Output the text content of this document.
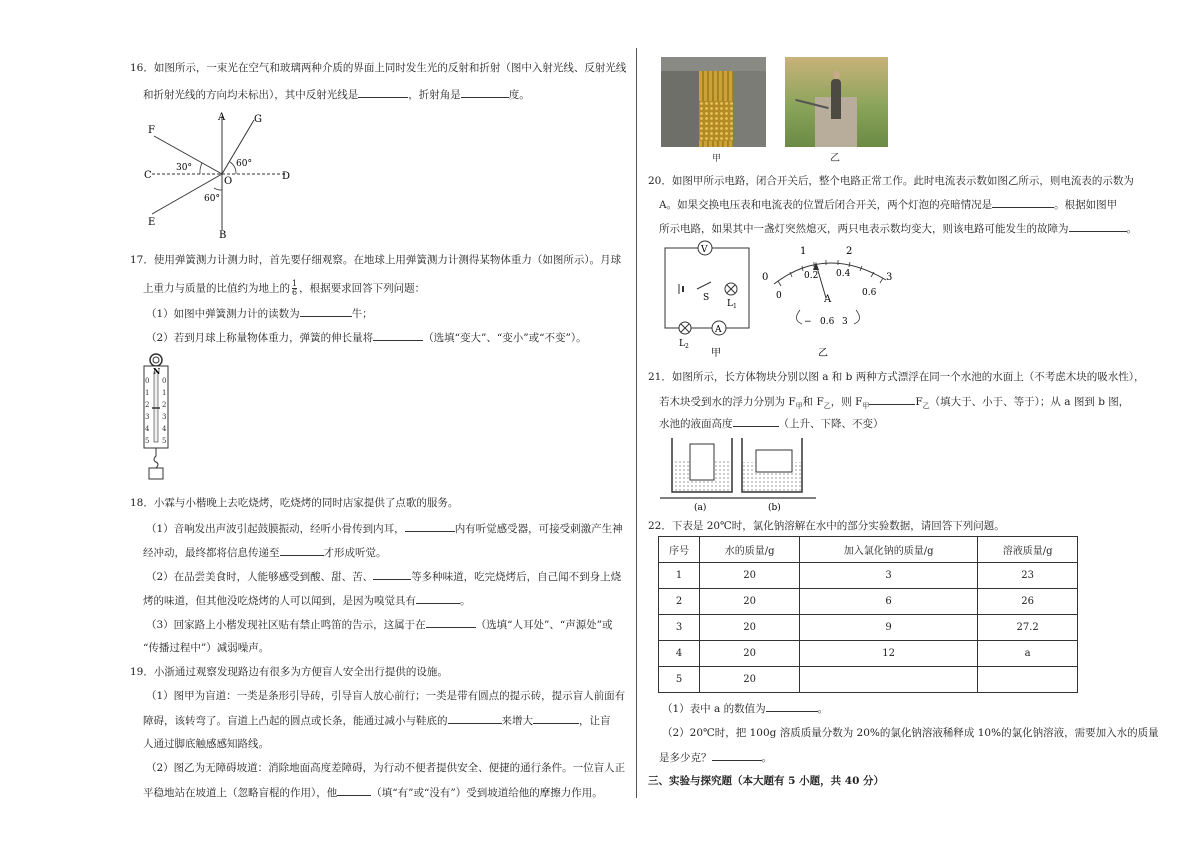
16．如图所示，一束光在空气和玻璃两种介质的界面上同时发生光的反射和折射（图中入射光线、反射光线
和折射光线的方向均未标出），其中反射光线是	，折射角是	度。
F
A	G
C
O	D
E
B
30°	60°
60°
17．使用弹簧测力计测力时，首先要仔细观察。在地球上用弹簧测力计测得某物体重力（如图所示）。月球
上重力与质量的比值约为地上的 $\frac{1}{6}$ ，根据要求回答下列问题：
（1）如图中弹簧测力计的读数为	牛；
（2）若到月球上称量物体重力，弹簧的伸长量将	（选填“变大”、“变小”或“不变”）。
N
0 0
1 1
2 2
3 3
4 4
5 5
18．小霖与小楷晚上去吃烧烤，吃烧烤的同时店家提供了点歌的服务。
（1）音响发出声波引起鼓膜振动，经听小骨传到内耳，	内有听觉感受器，可接受刺激产生神
经冲动，最终都将信息传递至	才形成听觉。
（2）在品尝美食时，人能够感受到酸、甜、苦、	等多种味道，吃完烧烤后，自己闻不到身上烧
烤的味道，但其他没吃烧烤的人可以闻到，是因为嗅觉具有	。
（3）回家路上小楷发现社区贴有禁止鸣笛的告示，这属于在	（选填“人耳处”、“声源处”或
“传播过程中”）减弱噪声。
19．小浙通过观察发现路边有很多为方便盲人安全出行提供的设施。
（1）图甲为盲道：一类是条形引导砖，引导盲人放心前行；一类是带有圆点的提示砖，提示盲人前面有
障碍，该转弯了。盲道上凸起的圆点或长条，能通过减小与鞋底的	来增大	，让盲
人通过脚底触感感知路线。
（2）图乙为无障碍坡道：消除地面高度差障碍，为行动不便者提供安全、便捷的通行条件。一位盲人正
平稳地站在坡道上（忽略盲棍的作用），他	（填“有”或“没有”）受到坡道给他的摩擦力作用。
甲	乙
20．如图甲所示电路，闭合开关后，整个电路正常工作。此时电流表示数如图乙所示，则电流表的示数为
A。如果交换电压表和电流表的位置后闭合开关，两个灯泡的亮暗情况是	。根据如图甲
所示电路，如果其中一盏灯突然熄灭，两只电表示数均变大，则该电路可能发生的故障为	。
V
S
L 1
L 2
A
甲
0
1	2
3
0
0.2 0.4
0.6
A
− 0.6 3
乙
21．如图所示，长方体物块分别以图 a 和 b 两种方式漂浮在同一个水池的水面上（不考虑木块的吸水性），
若木块受到水的浮力分别为 $F_甲$和 $F_乙$，则 $F_甲$	$F_乙$（填大于、小于、等于）；从 a 图到 b 图，
水池的液面高度	（上升、下降、不变）
(a)	(b)
22．下表是 20℃时，氯化钠溶解在水中的部分实验数据，请回答下列问题。
序号	水的质量/g	加入氯化钠的质量/g	溶液质量/g
1	20	3	23
2	20	6	26
3	20	9	27.2
4	20	12	a
5	20		
（1）表中 a 的数值为	。
（2）20℃时，把 100g 溶质质量分数为 20%的氯化钠溶液稀释成 10%的氯化钠溶液，需要加入水的质量
是多少克？	。
三、实验与探究题（本大题有 5 小题，共 40 分）
